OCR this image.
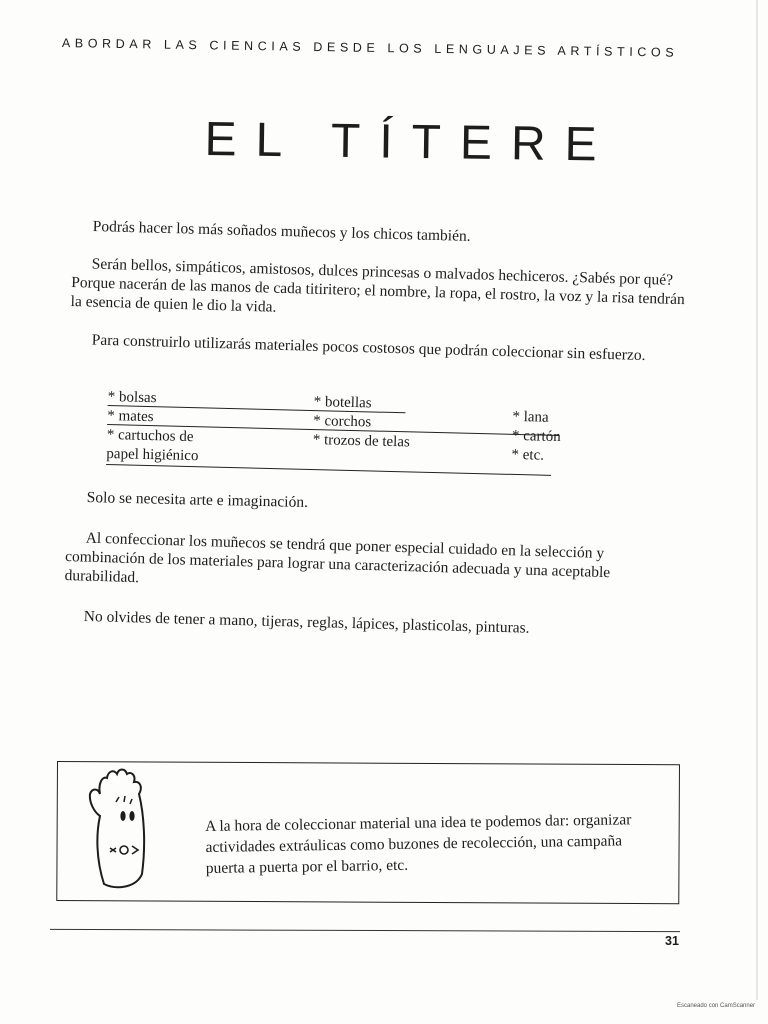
ABORDAR LAS CIENCIAS DESDE LOS LENGUAJES ARTÍSTICOS
EL TÍTERE

Podrás hacer los más soñados muñecos y los chicos también.

Serán bellos, simpáticos, amistosos, dulces princesas o malvados hechiceros. ¿Sabés por qué? Porque nacerán de las manos de cada titiritero; el nombre, la ropa, el rostro, la voz y la risa tendrán la esencia de quien le dio la vida.

Para construirlo utilizarás materiales pocos costosos que podrán coleccionar sin esfuerzo.

* bolsas
* mates
* cartuchos de
papel higiénico
* botellas
* corchos
* trozos de telas
* lana
* cartón
* etc.

Solo se necesita arte e imaginación.

Al confeccionar los muñecos se tendrá que poner especial cuidado en la selección y combinación de los materiales para lograr una caracterización adecuada y una aceptable durabilidad.

No olvides de tener a mano, tijeras, reglas, lápices, plasticolas, pinturas.

A la hora de coleccionar material una idea te podemos dar: organizar actividades extráulicas como buzones de recolección, una campaña puerta a puerta por el barrio, etc.
31
Escaneado con CamScanner
